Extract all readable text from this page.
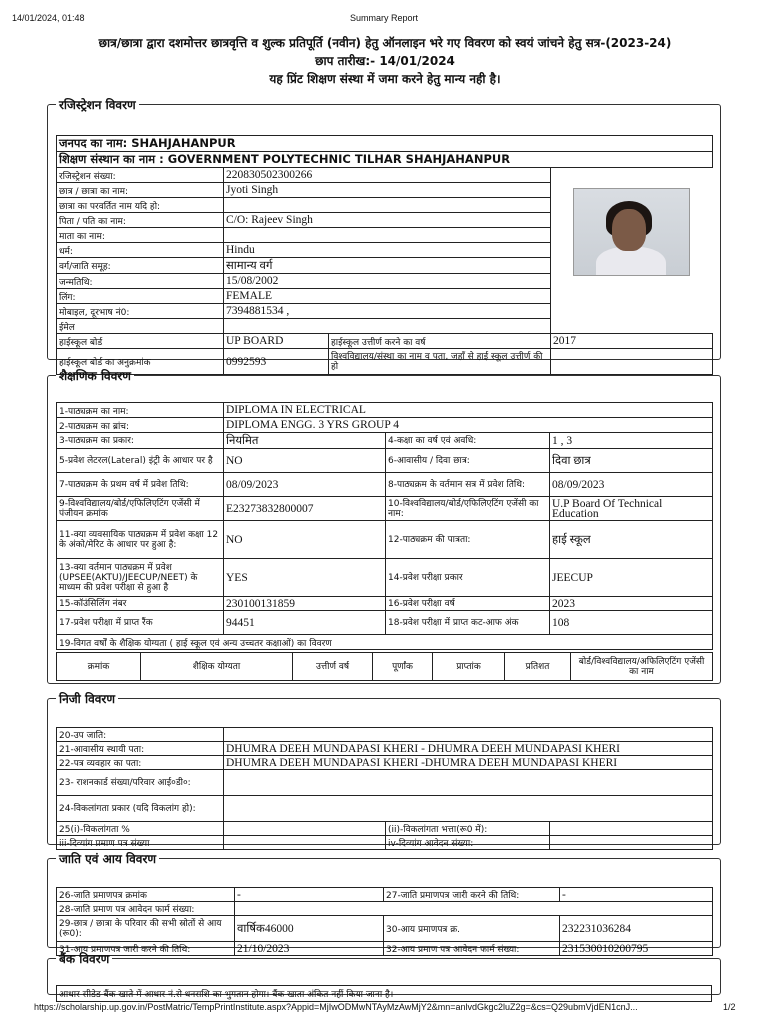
14/01/2024, 01:48	Summary Report
छात्र/छात्रा द्वारा दशमोत्तर छात्रवृत्ति व शुल्क प्रतिपूर्ति (नवीन) हेतु ऑनलाइन भरे गए विवरण को स्वयं जांचने हेतु सत्र-(2023-24)
छाप तारीख:- 14/01/2024
यह प्रिंट शिक्षण संस्था में जमा करने हेतु मान्य नही है।
रजिस्ट्रेशन विवरण
जनपद का नाम: SHAHJAHANPUR			
शिक्षण संस्थान का नाम : GOVERNMENT POLYTECHNIC TILHAR SHAHJAHANPUR			
रजिस्ट्रेशन संख्या:	220830502300266		
छात्र / छात्रा का नाम:	Jyoti Singh		
छात्रा का परवर्तित नाम यदि हो:			
पिता / पति का नाम:	C/O: Rajeev Singh		
माता का नाम:			
धर्म:	Hindu		
वर्ग/जाति समूह:	सामान्य वर्ग		
जन्मतिथि:	15/08/2002		
लिंग:	FEMALE		
मोबाइल, दूरभाष नं0:	7394881534 ,		
ईमेल			
हाईस्कूल बोर्ड	UP BOARD	हाईस्कूल उत्तीर्ण करने का वर्ष	2017
हाईस्कूल बोर्ड का अनुक्रमांक	0992593	विश्वविद्यालय/संस्था का नाम व पता, जहाँ से हाई स्कूल उत्तीर्ण की हो	
शैक्षणिक विवरण
1-पाठ्यक्रम का नाम:	DIPLOMA IN ELECTRICAL		
2-पाठ्यक्रम का ब्रांच:	DIPLOMA ENGG. 3 YRS GROUP 4		
3-पाठ्यक्रम का प्रकार:	नियमित	4-कक्षा का वर्ष एवं अवधि:	1 , 3
5-प्रवेश लेटरल(Lateral) इंट्री के आधार पर है	NO	6-आवासीय / दिवा छात्र:	दिवा छात्र
7-पाठ्यक्रम के प्रथम वर्ष में प्रवेश तिथि:	08/09/2023	8-पाठ्यक्रम के वर्तमान सत्र में प्रवेश तिथि:	08/09/2023
9-विश्वविद्यालय/बोर्ड/एफिलिएटिंग एजेंसी में पंजीयन क्रमांक	E23273832800007	10-विश्वविद्यालय/बोर्ड/एफिलिएटिंग एजेंसी का नाम:	U.P Board Of Technical Education
11-क्या व्यवसायिक पाठ्यक्रम में प्रवेश कक्षा 12 के अंको/मेरिट के आधार पर हुआ है:	NO	12-पाठ्यक्रम की पात्रता:	हाई स्कूल
13-क्या वर्तमान पाठ्यक्रम में प्रवेश (UPSEE(AKTU)/JEECUP/NEET) के माध्यम की प्रवेश परीक्षा से हुआ है	YES	14-प्रवेश परीक्षा प्रकार	JEECUP
15-कॉउंसिलिंग नंबर	230100131859	16-प्रवेश परीक्षा वर्ष	2023
17-प्रवेश परीक्षा में प्राप्त रैंक	94451	18-प्रवेश परीक्षा में प्राप्त कट-आफ अंक	108
19-विगत वर्षों के शैक्षिक योग्यता ( हाई स्कूल एवं अन्य उच्चतर कक्षाओं) का विवरण			
क्रमांक	शैक्षिक योग्यता	उत्तीर्ण वर्ष	पूर्णांक	प्राप्तांक	प्रतिशत	बोर्ड/विश्वविद्यालय/अफिलिएटिंग एजेंसी का नाम
निजी विवरण
20-उप जाति:			
21-आवासीय स्थायी पता:	DHUMRA DEEH MUNDAPASI KHERI - DHUMRA DEEH MUNDAPASI KHERI		
22-पत्र व्यवहार का पता:	DHUMRA DEEH MUNDAPASI KHERI -DHUMRA DEEH MUNDAPASI KHERI		
23- राशनकार्ड संख्या/परिवार आई०डी०:			
24-विकलांगता प्रकार (यदि विकलांग हो):			
25(i)-विकलांगता %		(ii)-विकलांगता भत्ता(रू0 में):	
iii-दिव्यांग प्रमाण पत्र संख्या		iv-दिव्यांग आवेदन संख्या:	
जाति एवं आय विवरण
26-जाति प्रमाणपत्र क्रमांक	-	27-जाति प्रमाणपत्र जारी करने की तिथि:	-
28-जाति प्रमाण पत्र आवेदन फार्म संख्या:			
29-छात्र / छात्रा के परिवार की सभी स्रोतों से आय (रू0):	वार्षिक46000	30-आय प्रमाणपत्र क्र.	232231036284
31-आय प्रमाणपत्र जारी करने की तिथि:	21/10/2023	32-आय प्रमाण पत्र आवेदन फार्म संख्या:	231530010200795
बैंक विवरण
आधार सीडेड बैंक खाते में आधार नं.से धनराशि का भुगतान होगा। बैंक खाता अंकित नहीं किया जाना है।
https://scholarship.up.gov.in/PostMatric/TempPrintInstitute.aspx?Appid=MjIwODMwNTAyMzAwMjY2&mn=anlvdGkgc2luZ2g=&cs=Q29ubmVjdEN1cnJ...	1/2
